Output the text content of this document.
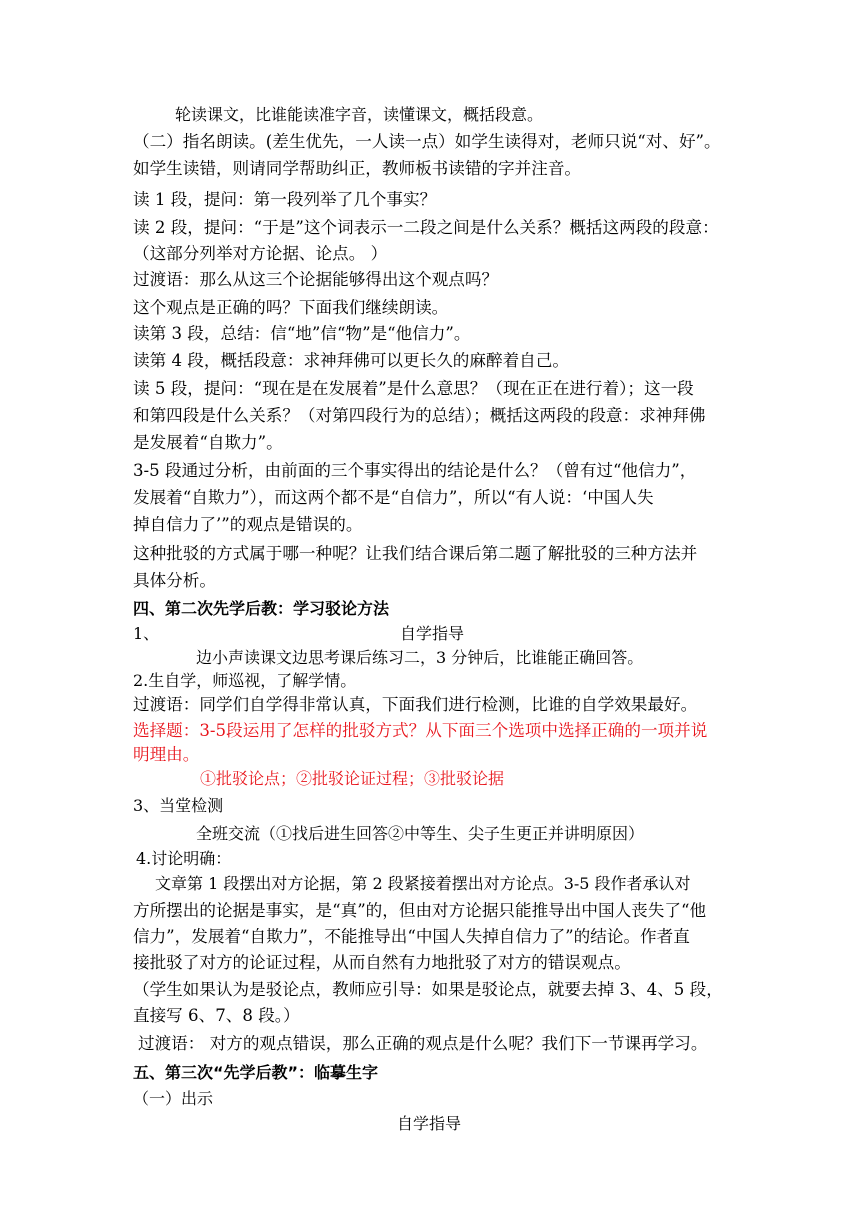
轮读课文，比谁能读准字音，读懂课文，概括段意。
（二）指名朗读。(差生优先，一人读一点）如学生读得对，老师只说“对、好”。
如学生读错，则请同学帮助纠正，教师板书读错的字并注音。
读 1 段，提问：第一段列举了几个事实？
读 2 段，提问：“于是”这个词表示一二段之间是什么关系？概括这两段的段意：
（这部分列举对方论据、论点。 ）
过渡语：那么从这三个论据能够得出这个观点吗？
这个观点是正确的吗？下面我们继续朗读。
读第 3 段，总结：信“地”信“物”是“他信力”。
读第 4 段，概括段意：求神拜佛可以更长久的麻醉着自己。
读 5 段，提问：“现在是在发展着”是什么意思？（现在正在进行着）；这一段
和第四段是什么关系？（对第四段行为的总结）；概括这两段的段意：求神拜佛
是发展着“自欺力”。
3-5 段通过分析，由前面的三个事实得出的结论是什么？（曾有过“他信力”，
发展着“自欺力”），而这两个都不是“自信力”，所以“有人说：‘中国人失
掉自信力了’”的观点是错误的。
这种批驳的方式属于哪一种呢？让我们结合课后第二题了解批驳的三种方法并
具体分析。
四、第二次先学后教：学习驳论方法
1、	自学指导
边小声读课文边思考课后练习二，3 分钟后，比谁能正确回答。
2.生自学，师巡视，了解学情。
过渡语：同学们自学得非常认真，下面我们进行检测，比谁的自学效果最好。
选择题：3-5段运用了怎样的批驳方式？从下面三个选项中选择正确的一项并说
明理由。
①批驳论点；②批驳论证过程；③批驳论据
3、当堂检测
全班交流（①找后进生回答②中等生、尖子生更正并讲明原因）
4.讨论明确：
文章第 1 段摆出对方论据，第 2 段紧接着摆出对方论点。3-5 段作者承认对
方所摆出的论据是事实，是“真”的，但由对方论据只能推导出中国人丧失了“他
信力”，发展着“自欺力”，不能推导出“中国人失掉自信力了”的结论。作者直
接批驳了对方的论证过程，从而自然有力地批驳了对方的错误观点。
（学生如果认为是驳论点，教师应引导：如果是驳论点，就要去掉 3、4、5 段，
直接写 6、7、8 段。）
过渡语： 对方的观点错误，那么正确的观点是什么呢？我们下一节课再学习。
五、第三次“先学后教”：临摹生字
（一）出示
自学指导
